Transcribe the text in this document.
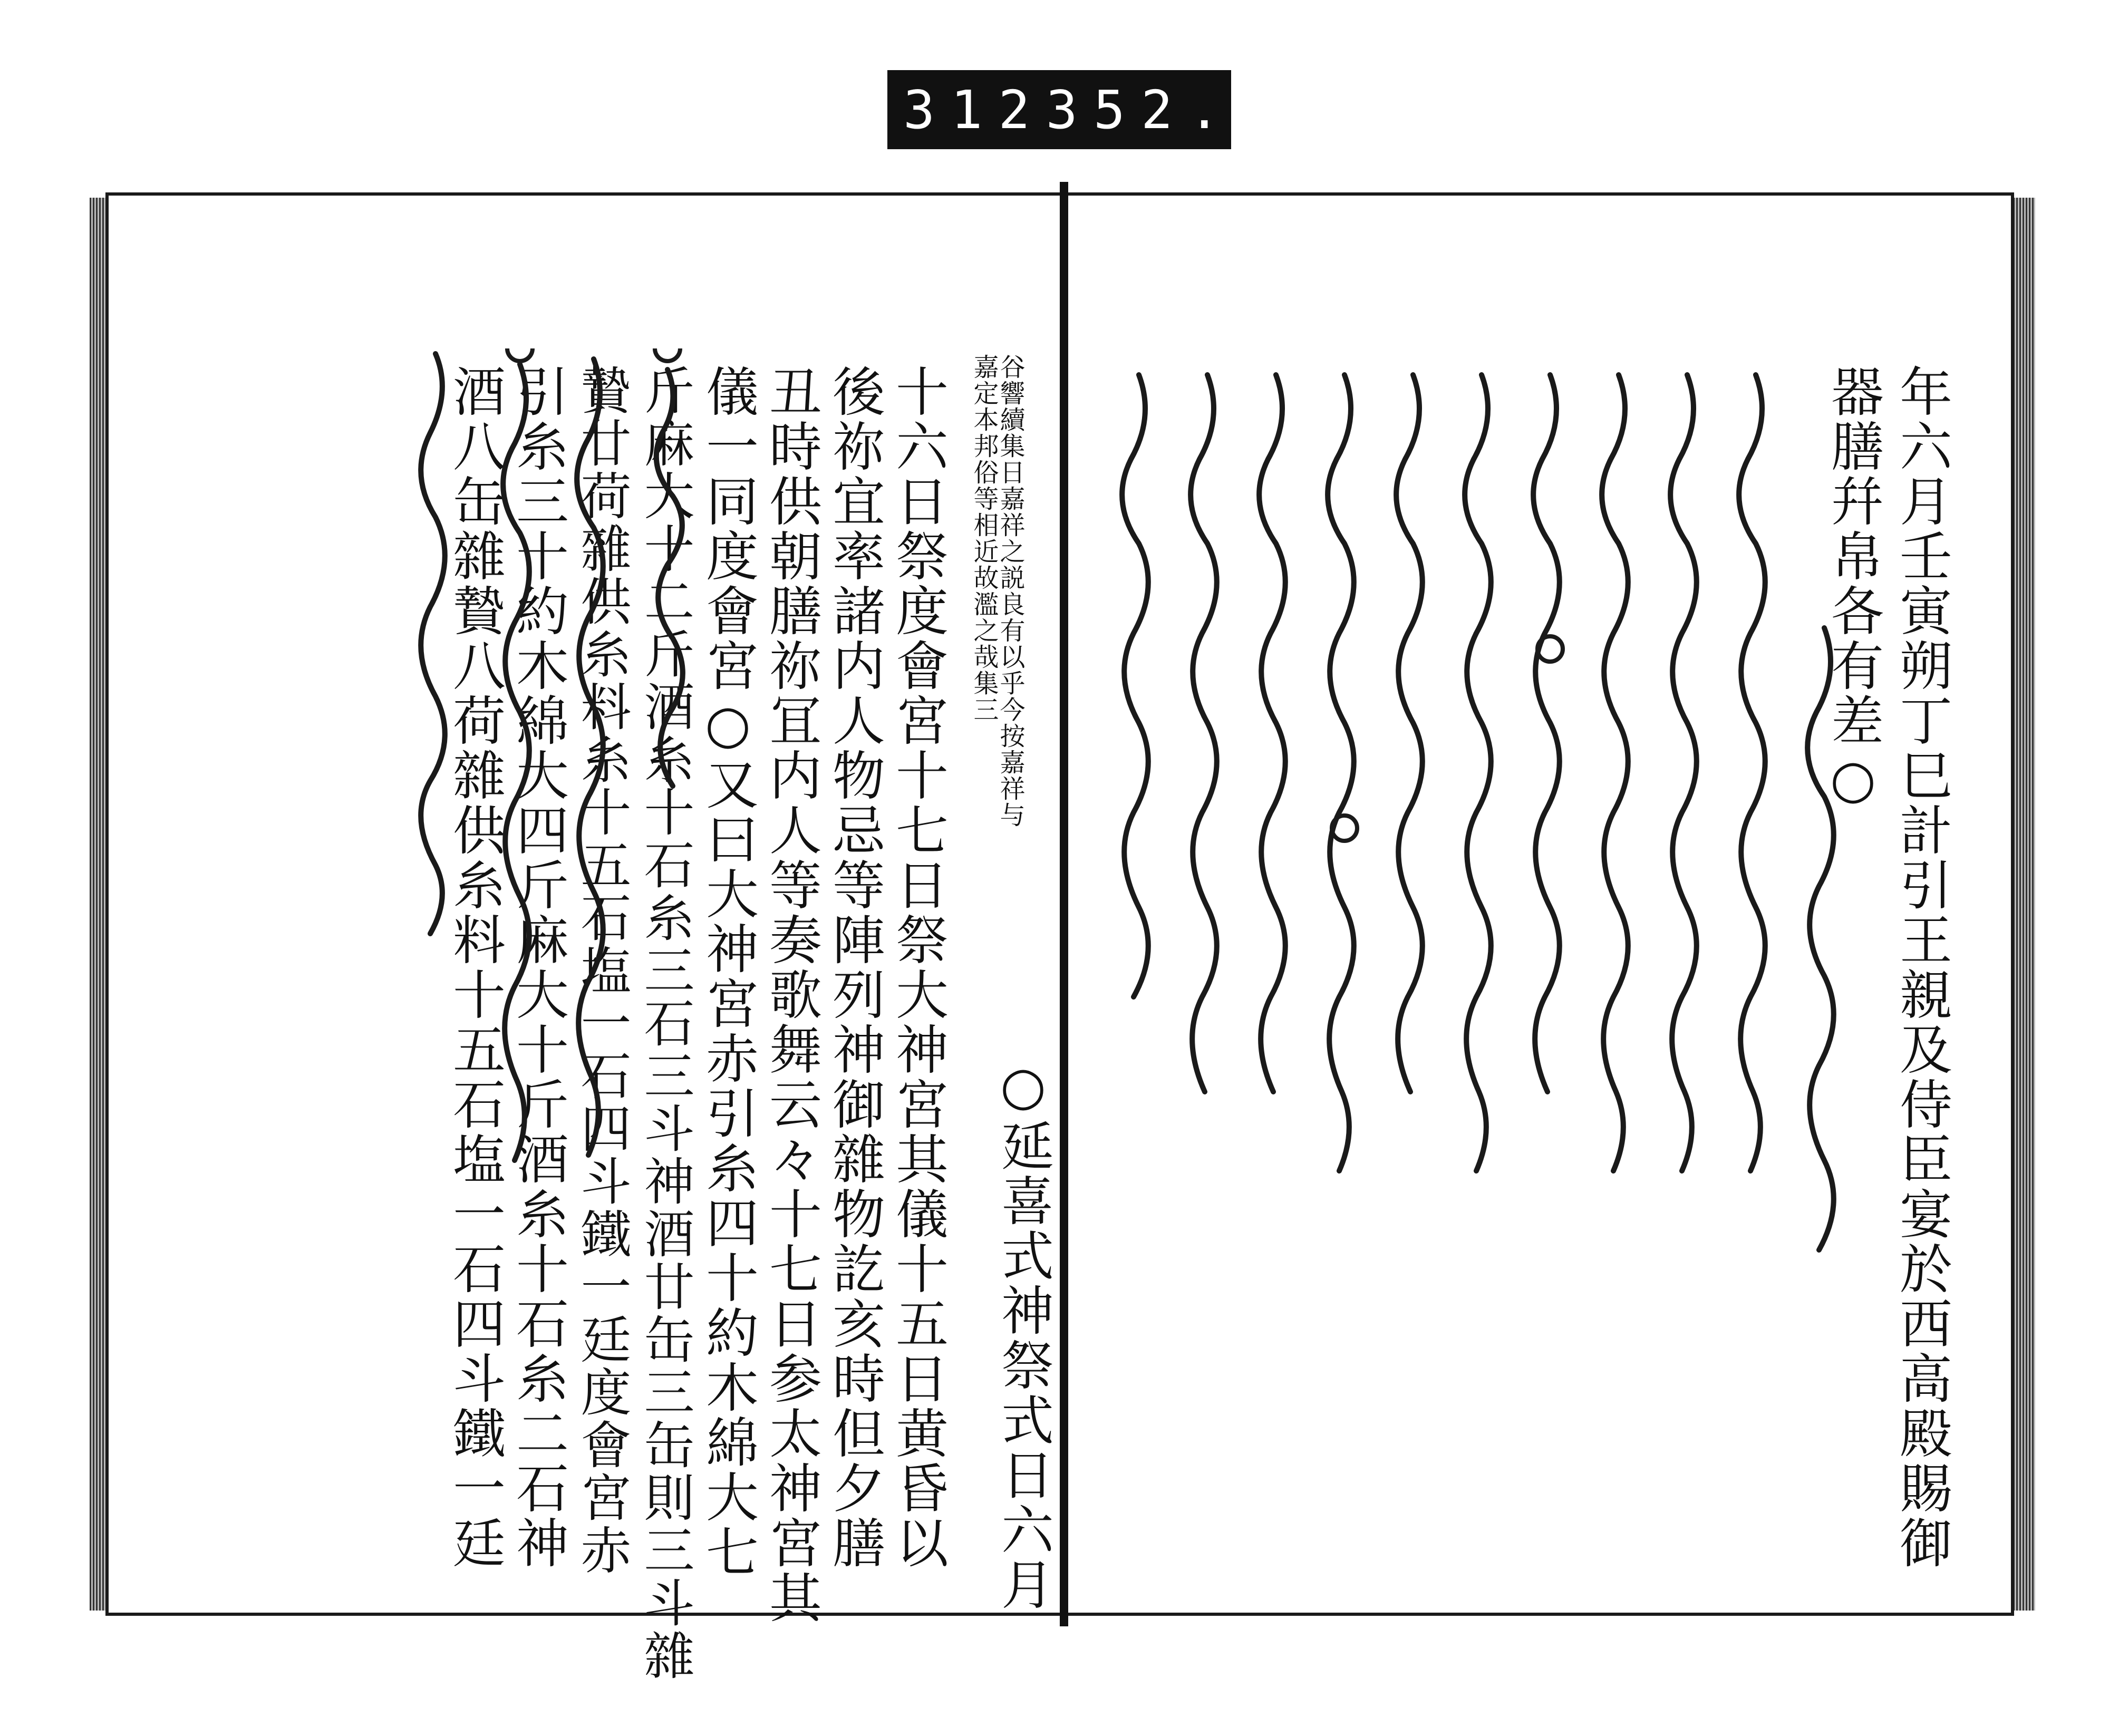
312 352.
谷響續集日嘉祥之説良有以乎今按嘉祥与
嘉定本邦俗等相近故濫之哉集三
○延喜式神祭式日六月
十六日祭度會宮十七日祭大神宮其儀十五日黄昏以
後祢宜率諸内人物忌等陣列神御雜物訖亥時但夕膳
丑時供朝膳祢冝内人等奏歌舞云々十七日参太神宮其
儀一同度會宮○又曰大神宮赤引糸四十約木綿大七
斤麻大十二斤酒糸十石糸三石三斗神酒廿缶三缶則三斗雜
贄廿荷雜供糸料糸十五石塩一石四斗鐵一廷度會宮赤
引糸三十約木綿大四斤麻大十斤酒糸十石糸二石神
酒八缶雜贄八荷雜供糸料十五石塩一石四斗鐵一廷	年六月壬寅朔丁巳計引王親及侍臣宴於西高殿賜御
器膳幷帛各有差○
